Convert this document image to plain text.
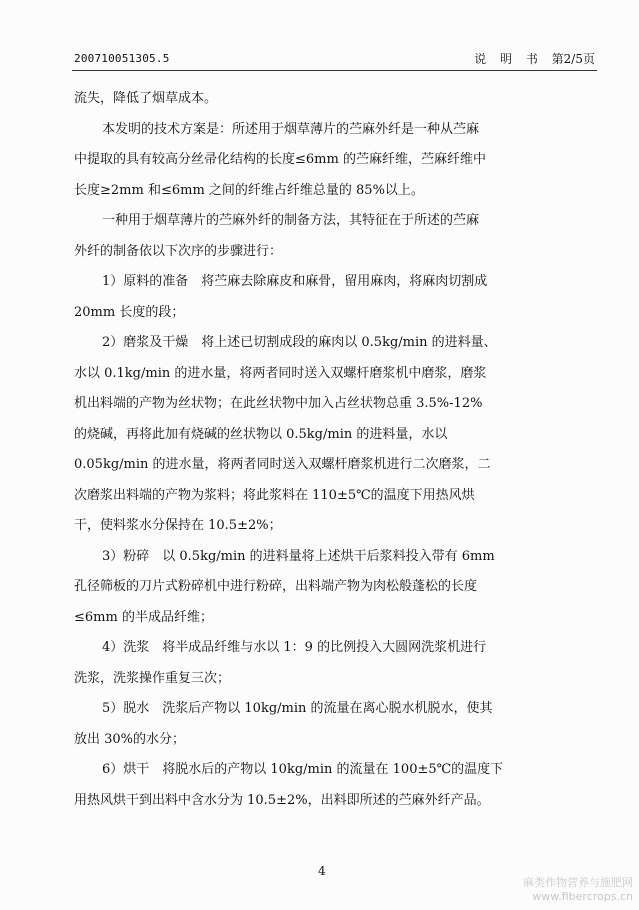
200710051305.5	说 明 书 第2/5页
流失，降低了烟草成本。
本发明的技术方案是：所述用于烟草薄片的苎麻外纤是一种从苎麻
中提取的具有较高分丝帚化结构的长度≤6mm 的苎麻纤维，苎麻纤维中
长度≥2mm 和≤6mm 之间的纤维占纤维总量的 85%以上。
一种用于烟草薄片的苎麻外纤的制备方法，其特征在于所述的苎麻
外纤的制备依以下次序的步骤进行：
1）原料的准备　将苎麻去除麻皮和麻骨，留用麻肉，将麻肉切割成
20mm 长度的段；
2）磨浆及干燥　将上述已切割成段的麻肉以 0.5kg/min 的进料量、
水以 0.1kg/min 的进水量，将两者同时送入双螺杆磨浆机中磨浆，磨浆
机出料端的产物为丝状物；在此丝状物中加入占丝状物总重 3.5%-12%
的烧碱，再将此加有烧碱的丝状物以 0.5kg/min 的进料量，水以
0.05kg/min 的进水量，将两者同时送入双螺杆磨浆机进行二次磨浆，二
次磨浆出料端的产物为浆料；将此浆料在 110±5℃的温度下用热风烘
干，使料浆水分保持在 10.5±2%；
3）粉碎　以 0.5kg/min 的进料量将上述烘干后浆料投入带有 6mm
孔径筛板的刀片式粉碎机中进行粉碎，出料端产物为肉松般蓬松的长度
≤6mm 的半成品纤维；
4）洗浆　将半成品纤维与水以 1：9 的比例投入大圆网洗浆机进行
洗浆，洗浆操作重复三次；
5）脱水　洗浆后产物以 10kg/min 的流量在离心脱水机脱水，使其
放出 30%的水分；
6）烘干　将脱水后的产物以 10kg/min 的流量在 100±5℃的温度下
用热风烘干到出料中含水分为 10.5±2%，出料即所述的苎麻外纤产品。
4
麻类作物营养与施肥网
www.fibercrops.cn
